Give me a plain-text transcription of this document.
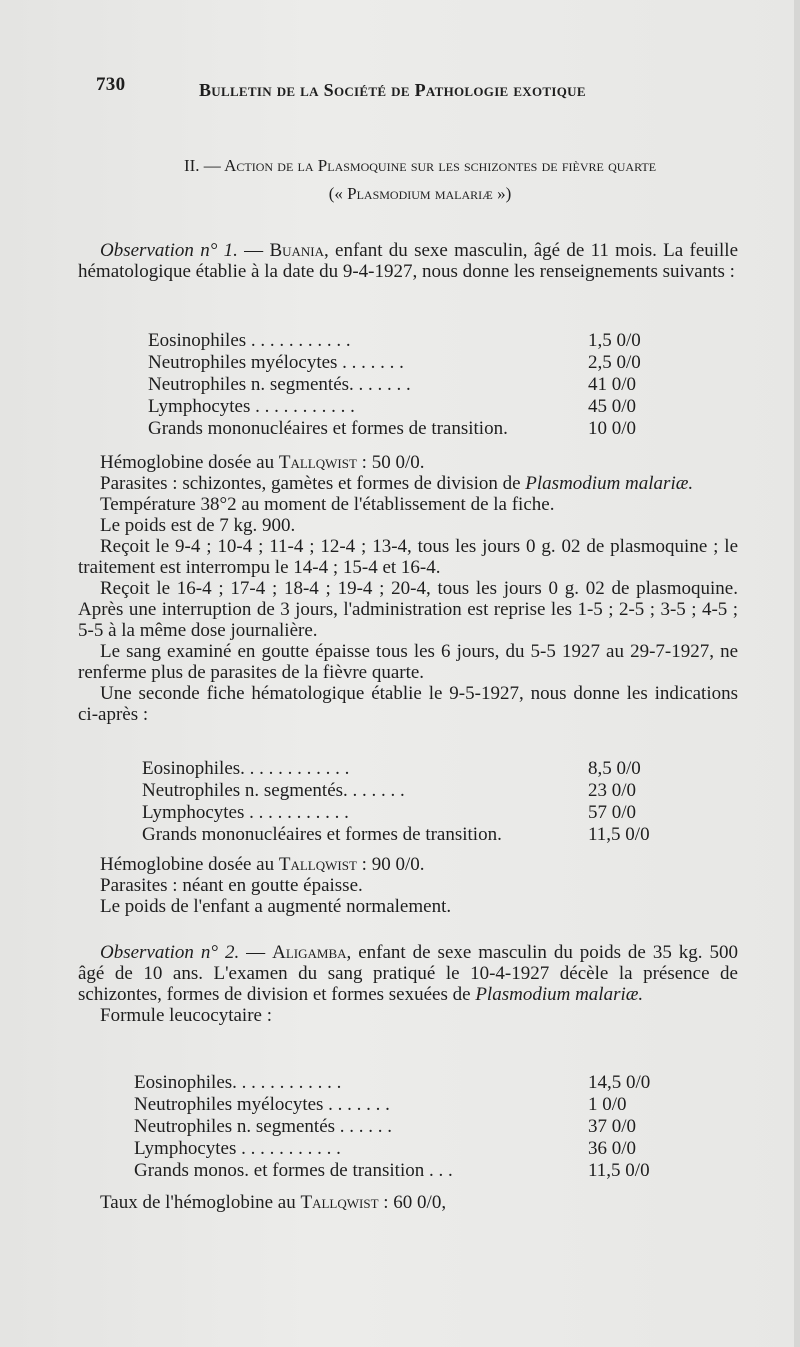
730	Bulletin de la Société de Pathologie exotique
II. — Action de la Plasmoquine sur les schizontes de fièvre quarte
(« Plasmodium malariæ »)

Observation n° 1. — Buania, enfant du sexe masculin, âgé de 11 mois. La feuille hématologique établie à la date du 9-4-1927, nous donne les renseignements suivants :

Eosinophiles . . . . . . . . . . .	1,5 0/0
Neutrophiles myélocytes . . . . . . .	2,5 0/0
Neutrophiles n. segmentés. . . . . . .	41 0/0
Lymphocytes . . . . . . . . . . .	45 0/0
Grands mononucléaires et formes de transition.	10 0/0

Hémoglobine dosée au Tallqwist : 50 0/0.

Parasites : schizontes, gamètes et formes de division de Plasmodium malariæ.

Température 38°2 au moment de l'établissement de la fiche.

Le poids est de 7 kg. 900.

Reçoit le 9-4 ; 10-4 ; 11-4 ; 12-4 ; 13-4, tous les jours 0 g. 02 de plasmoquine ; le traitement est interrompu le 14-4 ; 15-4 et 16-4.

Reçoit le 16-4 ; 17-4 ; 18-4 ; 19-4 ; 20-4, tous les jours 0 g. 02 de plasmoquine. Après une interruption de 3 jours, l'administration est reprise les 1-5 ; 2-5 ; 3-5 ; 4-5 ; 5-5 à la même dose journalière.

Le sang examiné en goutte épaisse tous les 6 jours, du 5-5 1927 au 29-7-1927, ne renferme plus de parasites de la fièvre quarte.

Une seconde fiche hématologique établie le 9-5-1927, nous donne les indications ci-après :

Eosinophiles. . . . . . . . . . . .	8,5 0/0
Neutrophiles n. segmentés. . . . . . .	23 0/0
Lymphocytes . . . . . . . . . . .	57 0/0
Grands mononucléaires et formes de transition.	11,5 0/0

Hémoglobine dosée au Tallqwist : 90 0/0.

Parasites : néant en goutte épaisse.

Le poids de l'enfant a augmenté normalement.

Observation n° 2. — Aligamba, enfant de sexe masculin du poids de 35 kg. 500 âgé de 10 ans. L'examen du sang pratiqué le 10-4-1927 décèle la présence de schizontes, formes de division et formes sexuées de Plasmodium malariæ.

Formule leucocytaire :

Eosinophiles. . . . . . . . . . . .	14,5 0/0
Neutrophiles myélocytes . . . . . . .	1 0/0
Neutrophiles n. segmentés . . . . . .	37 0/0
Lymphocytes . . . . . . . . . . .	36 0/0
Grands monos. et formes de transition . . .	11,5 0/0

Taux de l'hémoglobine au Tallqwist : 60 0/0,
